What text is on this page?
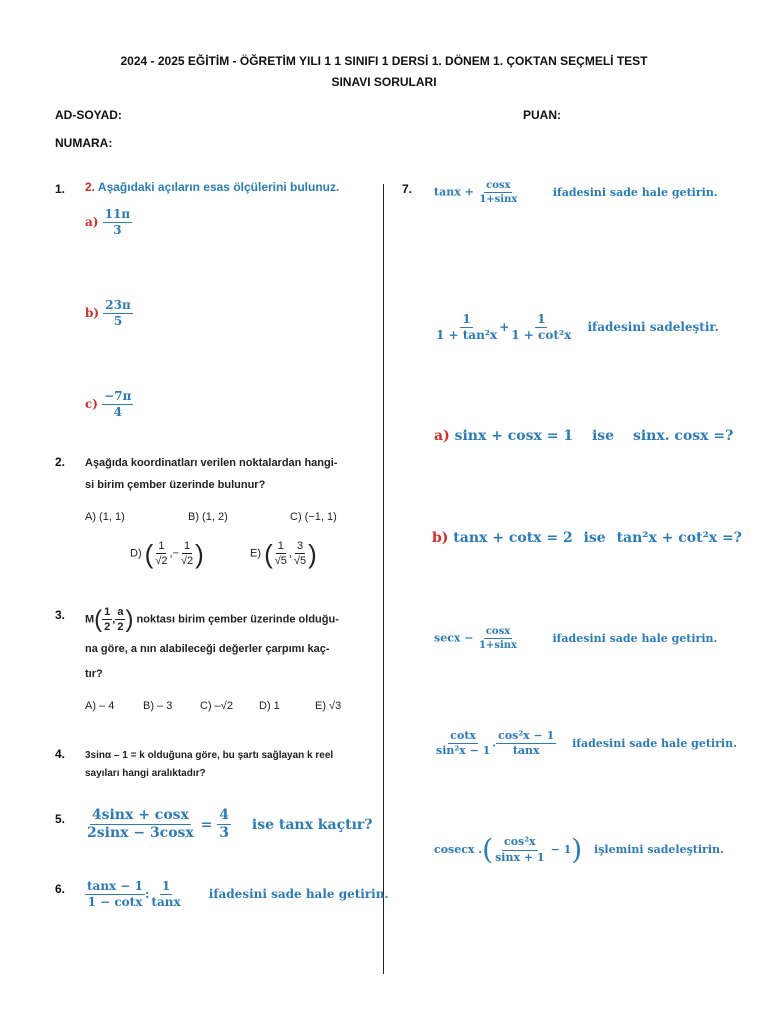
2024 - 2025 EĞİTİM - ÖĞRETİM YILI 1 1 SINIFI 1 DERSİ 1. DÖNEM 1. ÇOKTAN SEÇMELİ TEST
SINAVI SORULARI
AD-SOYAD:	PUAN:
NUMARA:
1. 2. Aşağıdaki açıların esas ölçülerini bulunuz.
$a) \frac{11\pi}{3}$
$b) \frac{23\pi}{5}$
$c) \frac{-7\pi}{4}$
2. Aşağıda koordinatları verilen noktalardan hangi-
si birim çember üzerinde bulunur?
A) (1, 1)	B) (1, 2)	C) (−1, 1)
D) ( $\frac{1}{√2}$ ,− $\frac{1}{√2}$ )	E) ( $\frac{1}{√5}$ , $\frac{3}{√5}$ )
3. $M( \frac{1}{2}$ , $\frac{a}{2}$ ) noktası birim çember üzerinde olduğu-
na göre, a nın alabileceği değerler çarpımı kaç-
tır?
A) – 4	B) – 3	C) –√2 D) 1	E) √3
4. 3sinα – 1 = k olduğuna göre, bu şartı sağlayan k reel
sayıları hangi aralıktadır?
5. $\frac{4\sin x + \cos x}{2\sin x - 3\cos x} = \frac{4}{3}$ ise tanx kaçtır?
6. $\frac{\tan x - 1}{1 - \cot x}$ : $\frac{1}{\tan x}$ ifadesini sade hale getirin.
7. $\tan x + \frac{\cos x}{1+\sin x}$	ifadesini sade hale getirin.
$\frac{1}{\text{1 + tan²x}} + \frac{1}{\text{1 + cot²x}}$ ifadesini sadeleştir.
a) sinx + cosx = 1 ise sinx. cosx =?
b) tanx + cotx = 2 ise tan²x + cot²x =?
$\sec x - \frac{\cos x}{1+\sin x}$	ifadesini sade hale getirin.
$\frac{\cot x}{\text{sin²x − 1}}$ . $\frac{\text{cos²x − 1}}{\tan x}$ ifadesini sade hale getirin.
cosecx .( $\frac{\text{cos²x}}{\sin x + 1} - 1$) işlemini sadeleştirin.
